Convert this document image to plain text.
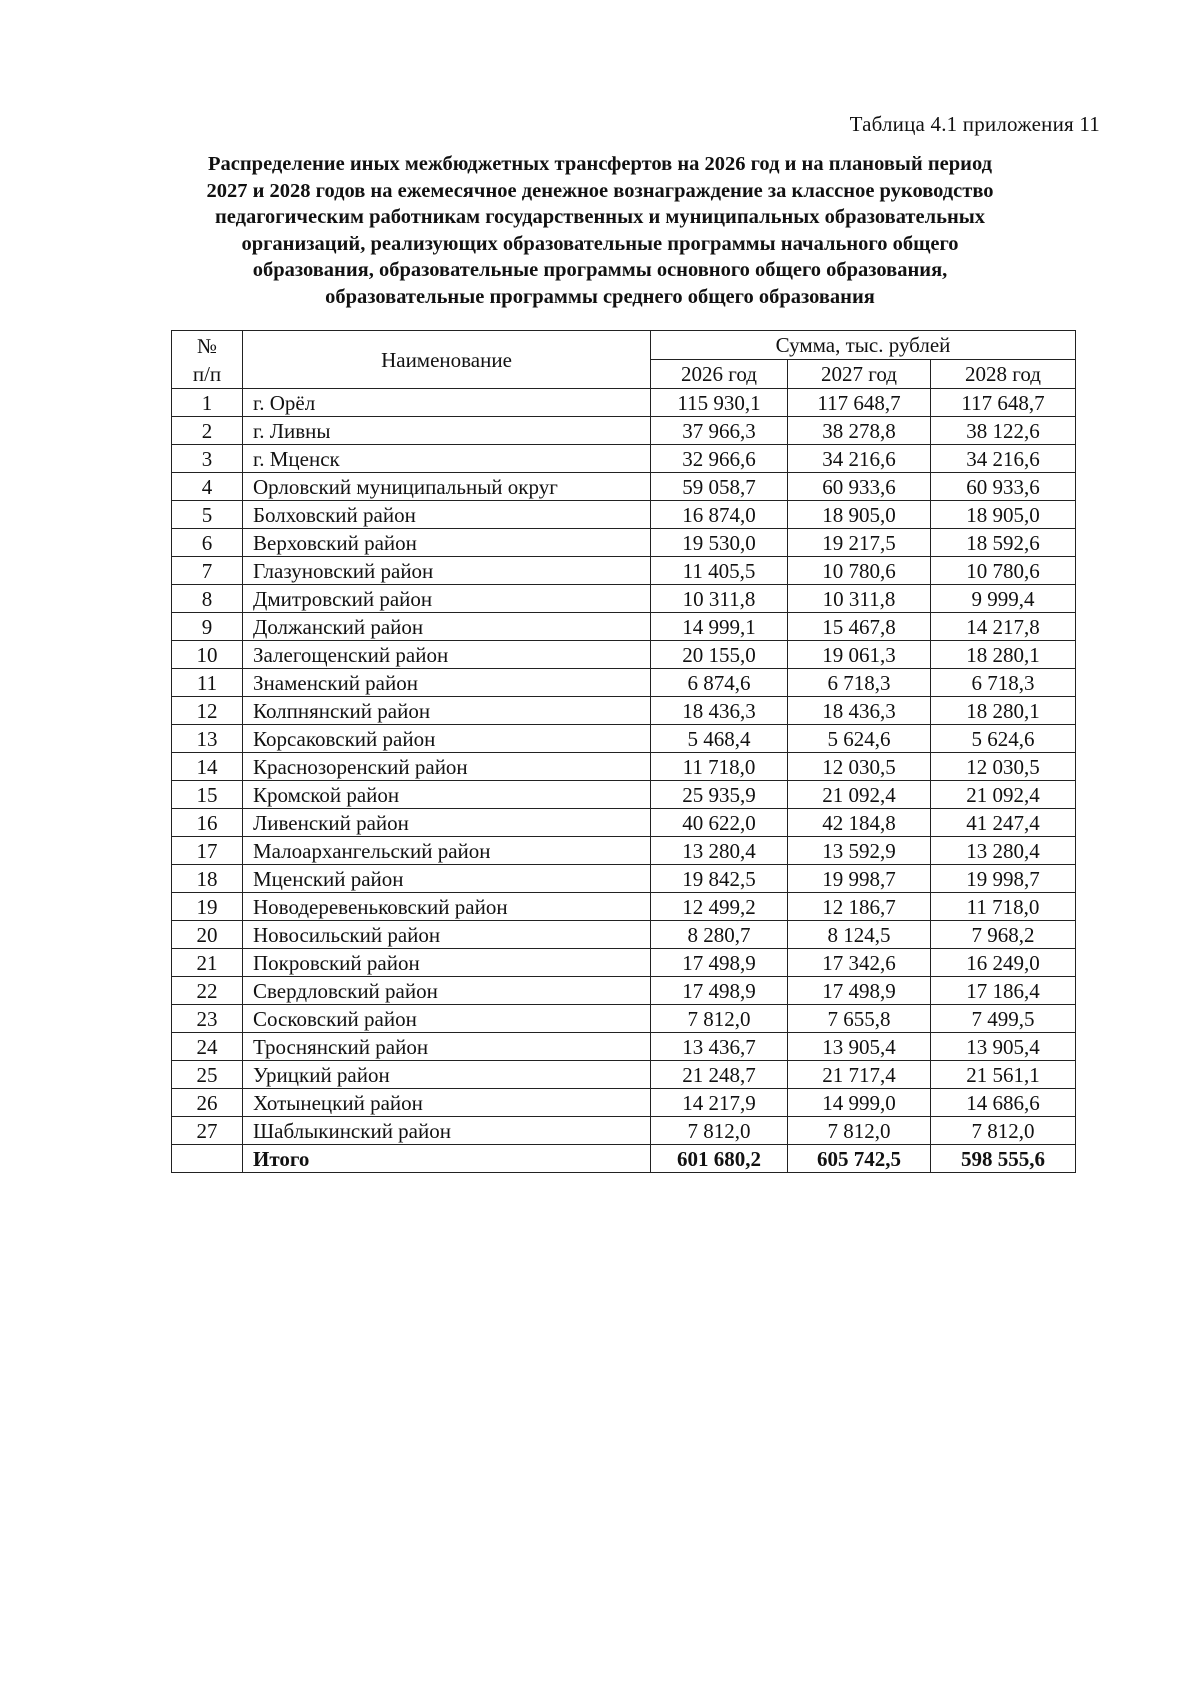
Таблица 4.1 приложения 11
Распределение иных межбюджетных трансфертов на 2026 год и на плановый период
2027 и 2028 годов на ежемесячное денежное вознаграждение за классное руководство
педагогическим работникам государственных и муниципальных образовательных
организаций, реализующих образовательные программы начального общего
образования, образовательные программы основного общего образования,
образовательные программы среднего общего образования
№
п/п	Наименование	Сумма, тыс. рублей		
		2026 год	2027 год	2028 год
1	г. Орёл	115 930,1	117 648,7	117 648,7
2	г. Ливны	37 966,3	38 278,8	38 122,6
3	г. Мценск	32 966,6	34 216,6	34 216,6
4	Орловский муниципальный округ	59 058,7	60 933,6	60 933,6
5	Болховский район	16 874,0	18 905,0	18 905,0
6	Верховский район	19 530,0	19 217,5	18 592,6
7	Глазуновский район	11 405,5	10 780,6	10 780,6
8	Дмитровский район	10 311,8	10 311,8	9 999,4
9	Должанский район	14 999,1	15 467,8	14 217,8
10	Залегощенский район	20 155,0	19 061,3	18 280,1
11	Знаменский район	6 874,6	6 718,3	6 718,3
12	Колпнянский район	18 436,3	18 436,3	18 280,1
13	Корсаковский район	5 468,4	5 624,6	5 624,6
14	Краснозоренский район	11 718,0	12 030,5	12 030,5
15	Кромской район	25 935,9	21 092,4	21 092,4
16	Ливенский район	40 622,0	42 184,8	41 247,4
17	Малоархангельский район	13 280,4	13 592,9	13 280,4
18	Мценский район	19 842,5	19 998,7	19 998,7
19	Новодеревеньковский район	12 499,2	12 186,7	11 718,0
20	Новосильский район	8 280,7	8 124,5	7 968,2
21	Покровский район	17 498,9	17 342,6	16 249,0
22	Свердловский район	17 498,9	17 498,9	17 186,4
23	Сосковский район	7 812,0	7 655,8	7 499,5
24	Троснянский район	13 436,7	13 905,4	13 905,4
25	Урицкий район	21 248,7	21 717,4	21 561,1
26	Хотынецкий район	14 217,9	14 999,0	14 686,6
27	Шаблыкинский район	7 812,0	7 812,0	7 812,0
	Итого	601 680,2	605 742,5	598 555,6
